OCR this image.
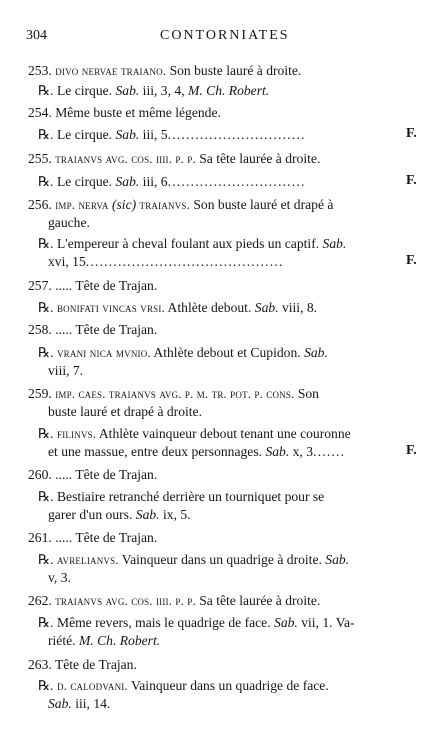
304	CONTORNIATES
253. divo nervae traiano. Son buste lauré à droite.
℞. Le cirque. Sab. iii, 3, 4, M. Ch. Robert.
254. Même buste et même légende.
℞. Le cirque. Sab. iii, 5..............................
255. traianvs avg. cos. iiii. p. p. Sa tête laurée à droite.
℞. Le cirque. Sab. iii, 6..............................
256. imp. nerva (sic) traianvs. Son buste lauré et drapé à
gauche.
℞. L'empereur à cheval foulant aux pieds un captif. Sab.
xvi, 15...........................................
257. ..... Tête de Trajan.
℞. bonifati vincas vrsi. Athlète debout. Sab. viii, 8.
258. ..... Tête de Trajan.
℞. vrani nica mvnio. Athlète debout et Cupidon. Sab.
viii, 7.
259. imp. caes. traianvs avg. p. m. tr. pot. p. cons. Son
buste lauré et drapé à droite.
℞. filinvs. Athlète vainqueur debout tenant une couronne
et une massue, entre deux personnages. Sab. x, 3.......
260. ..... Tête de Trajan.
℞. Bestiaire retranché derrière un tourniquet pour se
garer d'un ours. Sab. ix, 5.
261. ..... Tête de Trajan.
℞. avrelianvs. Vainqueur dans un quadrige à droite. Sab.
v, 3.
262. traianvs avg. cos. iiii. p. p. Sa tête laurée à droite.
℞. Même revers, mais le quadrige de face. Sab. vii, 1. Va-
riété. M. Ch. Robert.
263. Tête de Trajan.
℞. d. calodvani. Vainqueur dans un quadrige de face.
Sab. iii, 14.
F.
F.
F.
F.
